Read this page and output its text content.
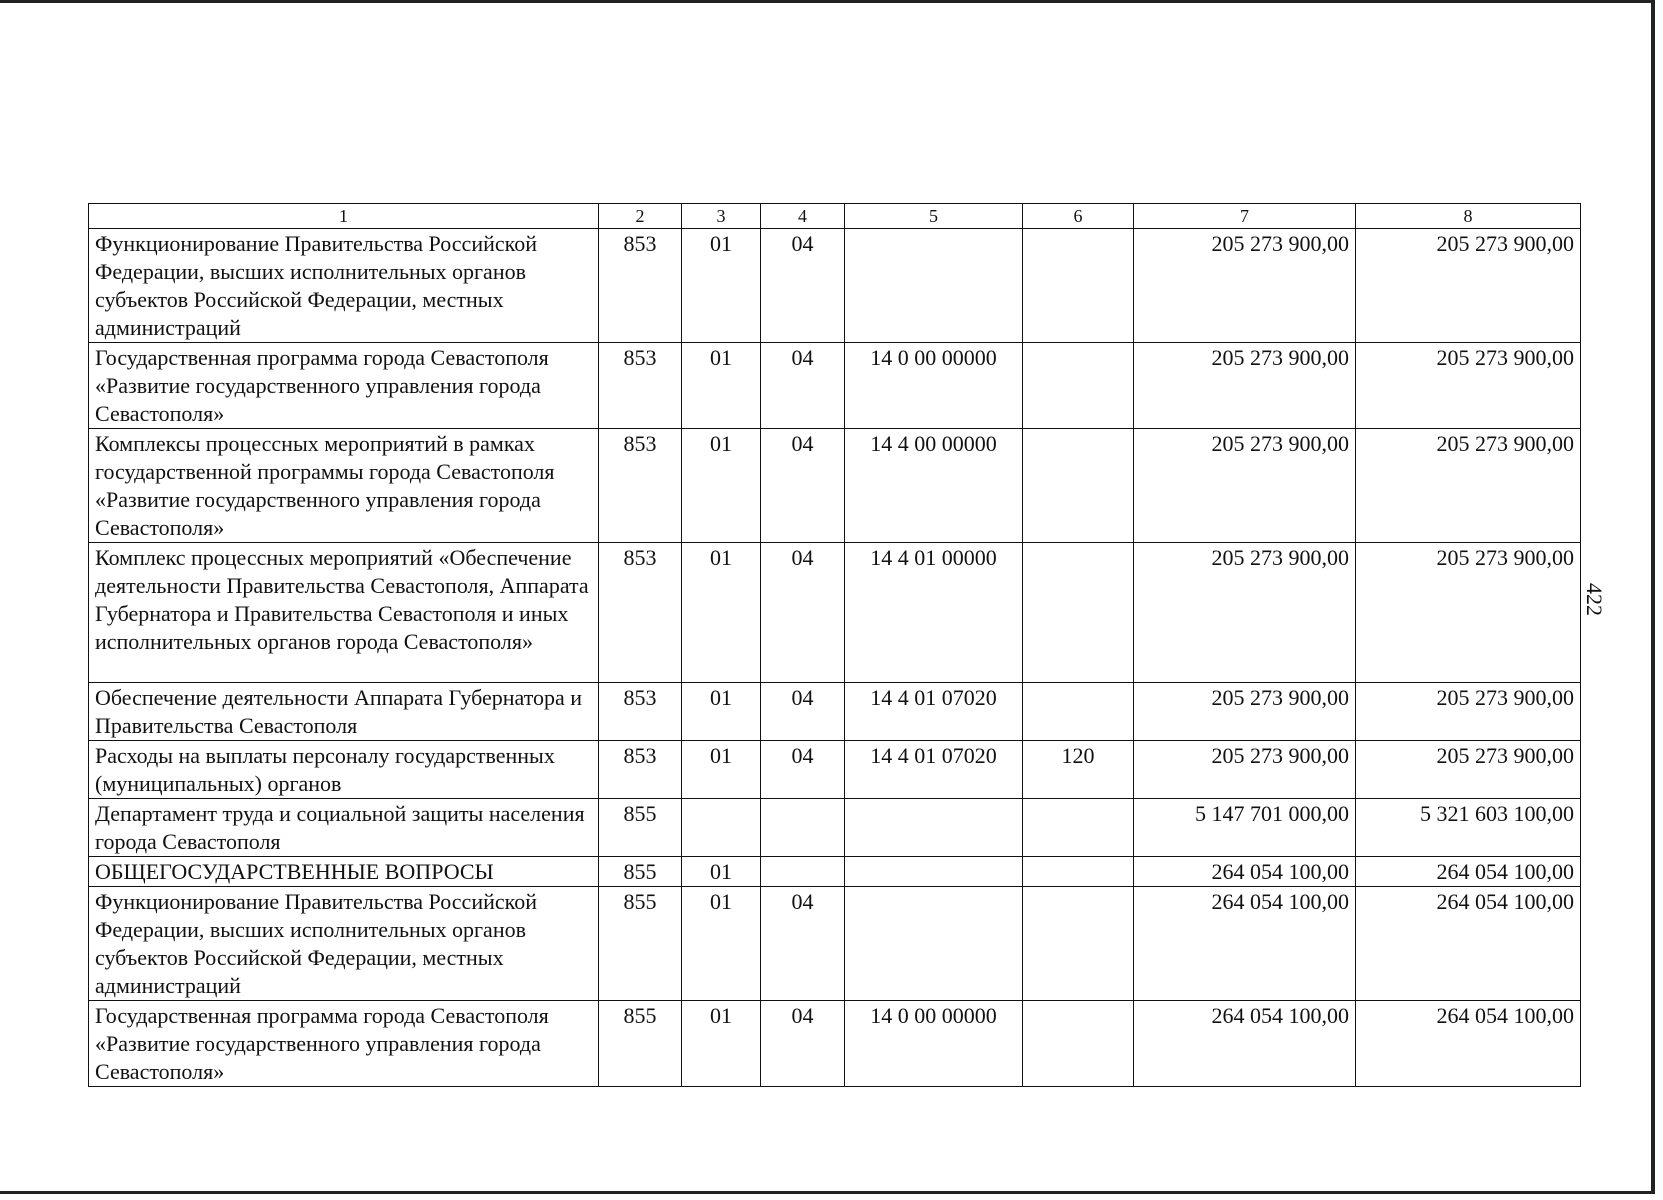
422
1	2	3	4	5	6	7	8
Функционирование Правительства Российской Федерации, высших исполнительных органов субъектов Российской Федерации, местных администраций	853	01	04			205 273 900,00	205 273 900,00
Государственная программа города Севастополя «Развитие государственного управления города Севастополя»	853	01	04	14 0 00 00000		205 273 900,00	205 273 900,00
Комплексы процессных мероприятий в рамках государственной программы города Севастополя «Развитие государственного управления города Севастополя»	853	01	04	14 4 00 00000		205 273 900,00	205 273 900,00
Комплекс процессных мероприятий «Обеспечение деятельности Правительства Севастополя, Аппарата Губернатора и Правительства Севастополя и иных исполнительных органов города Севастополя»	853	01	04	14 4 01 00000		205 273 900,00	205 273 900,00
Обеспечение деятельности Аппарата Губернатора и Правительства Севастополя	853	01	04	14 4 01 07020		205 273 900,00	205 273 900,00
Расходы на выплаты персоналу государственных (муниципальных) органов	853	01	04	14 4 01 07020	120	205 273 900,00	205 273 900,00
Департамент труда и социальной защиты населения города Севастополя	855					5 147 701 000,00	5 321 603 100,00
ОБЩЕГОСУДАРСТВЕННЫЕ ВОПРОСЫ	855	01				264 054 100,00	264 054 100,00
Функционирование Правительства Российской Федерации, высших исполнительных органов субъектов Российской Федерации, местных администраций	855	01	04			264 054 100,00	264 054 100,00
Государственная программа города Севастополя «Развитие государственного управления города Севастополя»	855	01	04	14 0 00 00000		264 054 100,00	264 054 100,00
